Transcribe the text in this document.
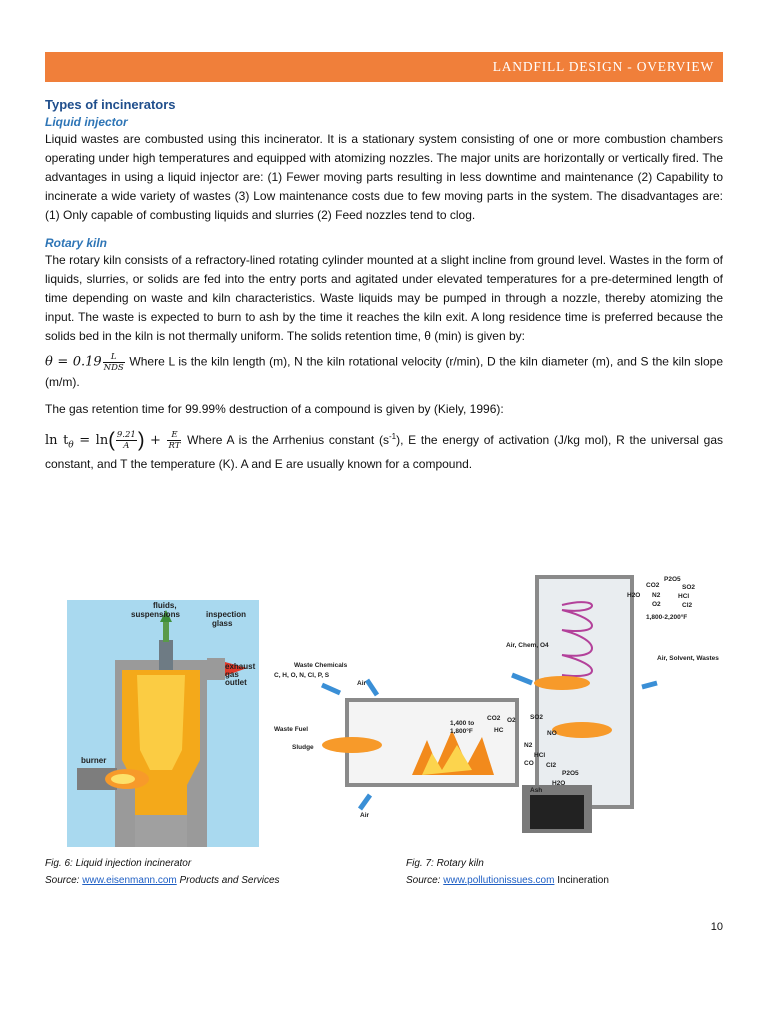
LANDFILL DESIGN - OVERVIEW
Types of incinerators
Liquid injector

Liquid wastes are combusted using this incinerator. It is a stationary system consisting of one or more combustion chambers operating under high temperatures and equipped with atomizing nozzles. The major units are horizontally or vertically fired. The advantages in using a liquid injector are: (1) Fewer moving parts resulting in less downtime and maintenance (2) Capability to incinerate a wide variety of wastes (3) Low maintenance costs due to few moving parts in the system. The disadvantages are: (1) Only capable of combusting liquids and slurries (2) Feed nozzles tend to clog.

Rotary kiln

The rotary kiln consists of a refractory-lined rotating cylinder mounted at a slight incline from ground level. Wastes in the form of liquids, slurries, or solids are fed into the entry ports and agitated under elevated temperatures for a pre-determined length of time depending on waste and kiln characteristics. Waste liquids may be pumped in through a nozzle, thereby atomizing the input. The waste is expected to burn to ash by the time it reaches the kiln exit. A long residence time is preferred because the solids bed in the kiln is not thermally uniform. The solids retention time, θ (min) is given by:

$\theta = 0.19 \frac{L}{\text{NDS}}$ Where L is the kiln length (m), N the kiln rotational velocity (r/min), D the kiln diameter (m), and S the kiln slope (m/m).

The gas retention time for 99.99% destruction of a compound is given by (Kiely, 1996):

$\ln t_\theta = \ln( \frac{9.21}{A}$ ) + $\frac{E}{RT}$ Where A is the Arrhenius constant $(s^{-1})$, E the energy of activation (J/kg mol), R the universal gas constant, and T the temperature (K). A and E are usually known for a compound.

fluids,
suspensions	inspection
glass
exhaust
gas
outlet
burner
Waste Chemicals
C, H, O, N, Cl, P, S
Air
Waste Fuel
Sludge
Air
Air, Chem, O4
1,400 to
1,800°F
CO2 O2
HC
SO2
NO
N2
HCl
Cl2
CO
P2O5
H2O
Ash
H2O
CO2
N2
O2
P2O5
SO2
HCl
Cl2
1,800-2,200°F
Air, Solvent, Wastes
Fig. 6: Liquid injection incinerator
Source: www.eisenmann.com Products and Services
Fig. 7: Rotary kiln
Source: www.pollutionissues.com Incineration
10
